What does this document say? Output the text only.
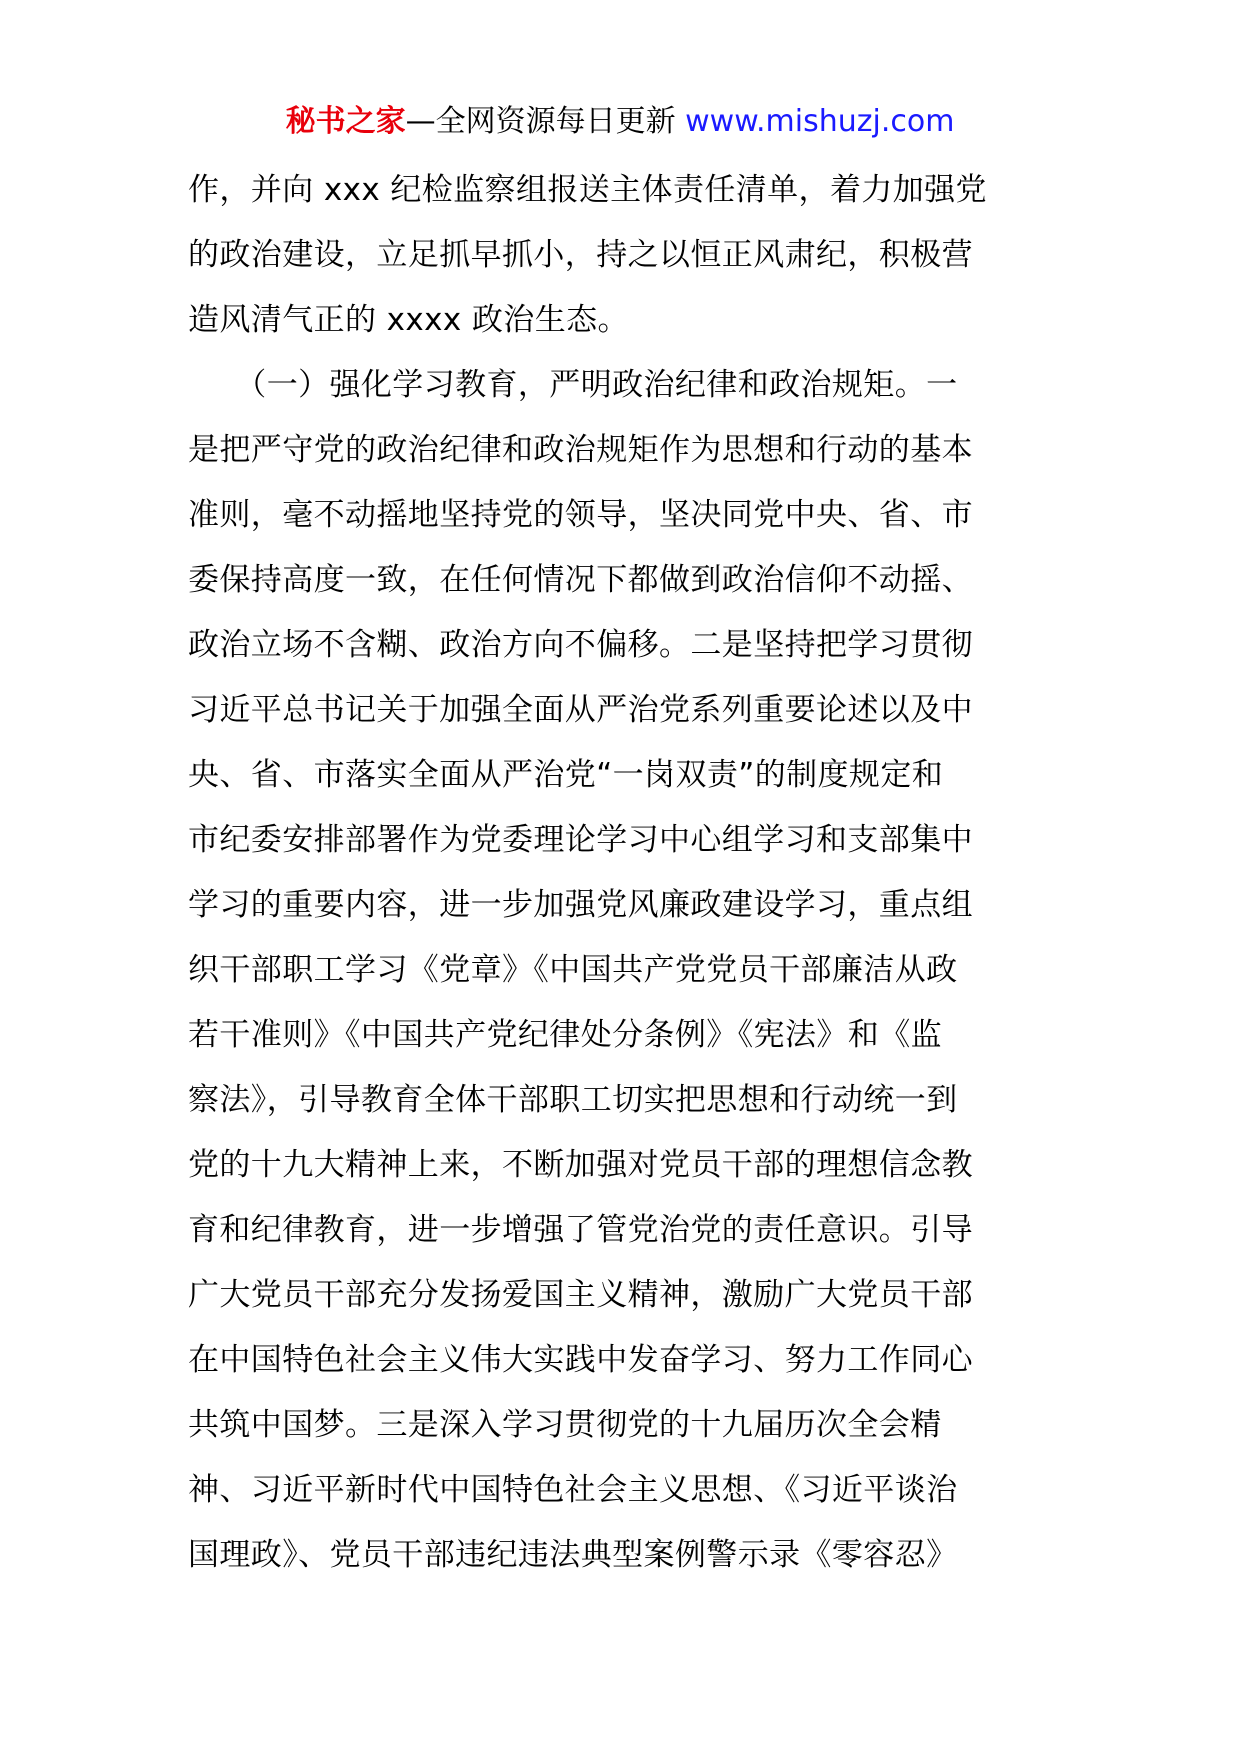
秘书之家—全网资源每日更新 www.mishuzj.com
作，并向 xxx 纪检监察组报送主体责任清单，着力加强党
的政治建设，立足抓早抓小，持之以恒正风肃纪，积极营
造风清气正的 xxxx 政治生态。
　　（一）强化学习教育，严明政治纪律和政治规矩。一
是把严守党的政治纪律和政治规矩作为思想和行动的基本
准则，毫不动摇地坚持党的领导，坚决同党中央、省、市
委保持高度一致，在任何情况下都做到政治信仰不动摇、
政治立场不含糊、政治方向不偏移。二是坚持把学习贯彻
习近平总书记关于加强全面从严治党系列重要论述以及中
央、省、市落实全面从严治党“一岗双责”的制度规定和
市纪委安排部署作为党委理论学习中心组学习和支部集中
学习的重要内容，进一步加强党风廉政建设学习，重点组
织干部职工学习《党章》《中国共产党党员干部廉洁从政
若干准则》《中国共产党纪律处分条例》《宪法》和《监
察法》，引导教育全体干部职工切实把思想和行动统一到
党的十九大精神上来，不断加强对党员干部的理想信念教
育和纪律教育，进一步增强了管党治党的责任意识。引导
广大党员干部充分发扬爱国主义精神，激励广大党员干部
在中国特色社会主义伟大实践中发奋学习、努力工作同心
共筑中国梦。三是深入学习贯彻党的十九届历次全会精
神、习近平新时代中国特色社会主义思想、《习近平谈治
国理政》、党员干部违纪违法典型案例警示录《零容忍》
